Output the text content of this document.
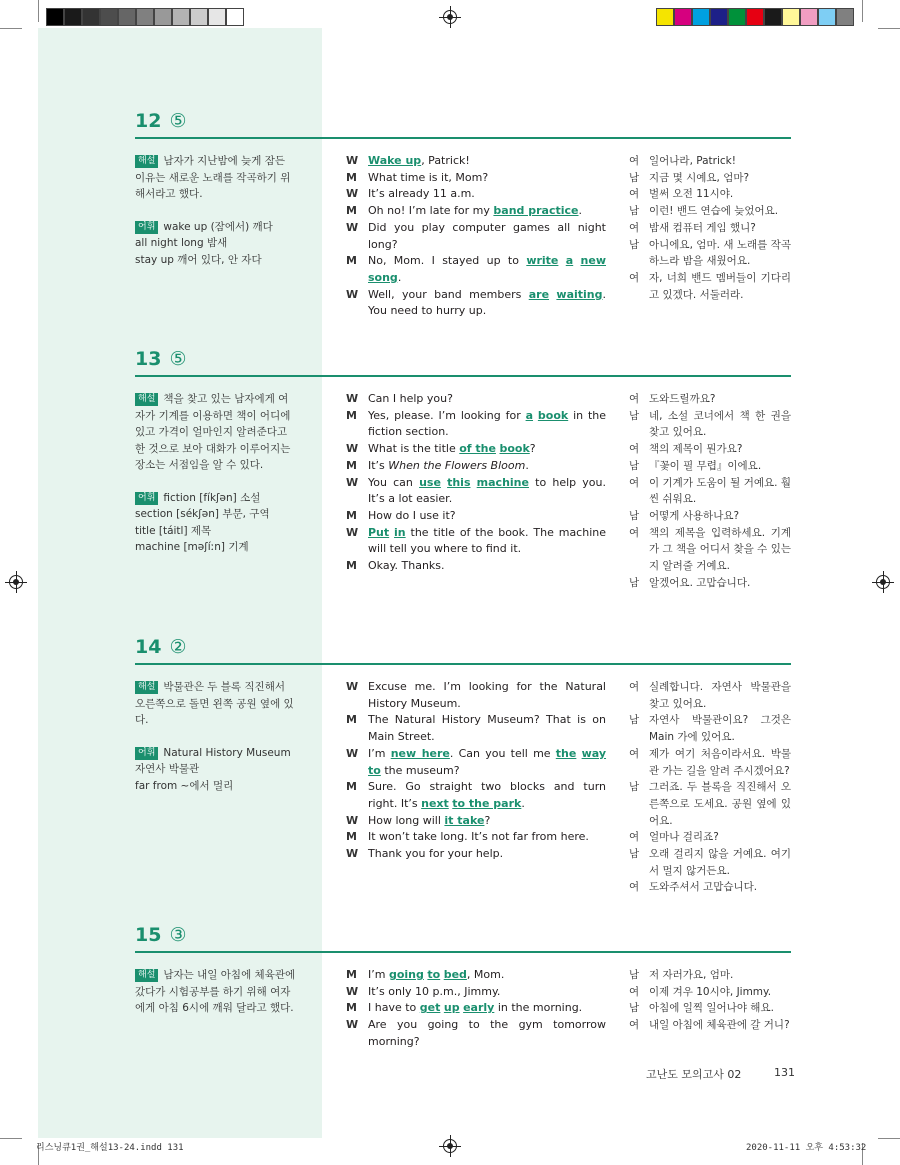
12 ⑤
해설 남자가 지난밤에 늦게 잠든 이유는 새로운 노래를 작곡하기 위해서라고 했다.
어휘 wake up (잠에서) 깨다
all night long 밤새
stay up 깨어 있다, 안 자다
W Wake up, Patrick!
M	What time is it, Mom?
W It’s already 11 a.m.
M	Oh no! I’m late for my band practice.
W Did you play computer games all night long?
M	No, Mom. I stayed up to write a new song.
W Well, your band members are waiting. You need to hurry up.
여 일어나라, Patrick!
남 지금 몇 시예요, 엄마?
여 벌써 오전 11시야.
남 이런! 밴드 연습에 늦었어요.
여 밤새 컴퓨터 게임 했니?
남 아니에요, 엄마. 새 노래를 작곡하느라 밤을 새웠어요.
여 자, 너희 밴드 멤버들이 기다리고 있겠다. 서둘러라.
13 ⑤
해설 책을 찾고 있는 남자에게 여자가 기계를 이용하면 책이 어디에 있고 가격이 얼마인지 알려준다고 한 것으로 보아 대화가 이루어지는 장소는 서점임을 알 수 있다.
어휘 fiction [fíkʃən] 소설
section [sékʃən] 부문, 구역
title [táitl] 제목
machine [məʃíːn] 기계
W Can I help you?
M	Yes, please. I’m looking for a book in the fiction section.
W What is the title of the book?
M	It’s When the Flowers Bloom.
W You can use this machine to help you. It’s a lot easier.
M	How do I use it?
W Put in the title of the book. The machine will tell you where to find it.
M	Okay. Thanks.
여 도와드릴까요?
남 네, 소설 코너에서 책 한 권을 찾고 있어요.
여 책의 제목이 뭔가요?
남 『꽃이 필 무렵』이에요.
여 이 기계가 도움이 될 거예요. 훨씬 쉬워요.
남 어떻게 사용하나요?
여 책의 제목을 입력하세요. 기계가 그 책을 어디서 찾을 수 있는지 알려줄 거예요.
남 알겠어요. 고맙습니다.
14 ②
해설 박물관은 두 블록 직진해서 오른쪽으로 돌면 왼쪽 공원 옆에 있다.
어휘 Natural History Museum
자연사 박물관
far from ~에서 멀리
W Excuse me. I’m looking for the Natural History Museum.
M	The Natural History Museum? That is on Main Street.
W I’m new here. Can you tell me the way to the museum?
M	Sure. Go straight two blocks and turn right. It’s next to the park.
W How long will it take?
M	It won’t take long. It’s not far from here.
W Thank you for your help.
여 실례합니다. 자연사 박물관을 찾고 있어요.
남 자연사 박물관이요? 그것은 Main 가에 있어요.
여 제가 여기 처음이라서요. 박물관 가는 길을 알려 주시겠어요?
남 그러죠. 두 블록을 직진해서 오른쪽으로 도세요. 공원 옆에 있어요.
여 얼마나 걸리죠?
남 오래 걸리지 않을 거예요. 여기서 멀지 않거든요.
여 도와주셔서 고맙습니다.
15 ③
해설 남자는 내일 아침에 체육관에 갔다가 시험공부를 하기 위해 여자에게 아침 6시에 깨워 달라고 했다.
M	I’m going to bed, Mom.
W It’s only 10 p.m., Jimmy.
M	I have to get up early in the morning.
W Are you going to the gym tomorrow morning?
남 저 자러가요, 엄마.
여 이제 겨우 10시야, Jimmy.
남 아침에 일찍 일어나야 해요.
여 내일 아침에 체육관에 갈 거니?
고난도 모의고사 02	131
리스닝큐1권_해설13-24.indd 131	2020-11-11 오후 4:53:32
